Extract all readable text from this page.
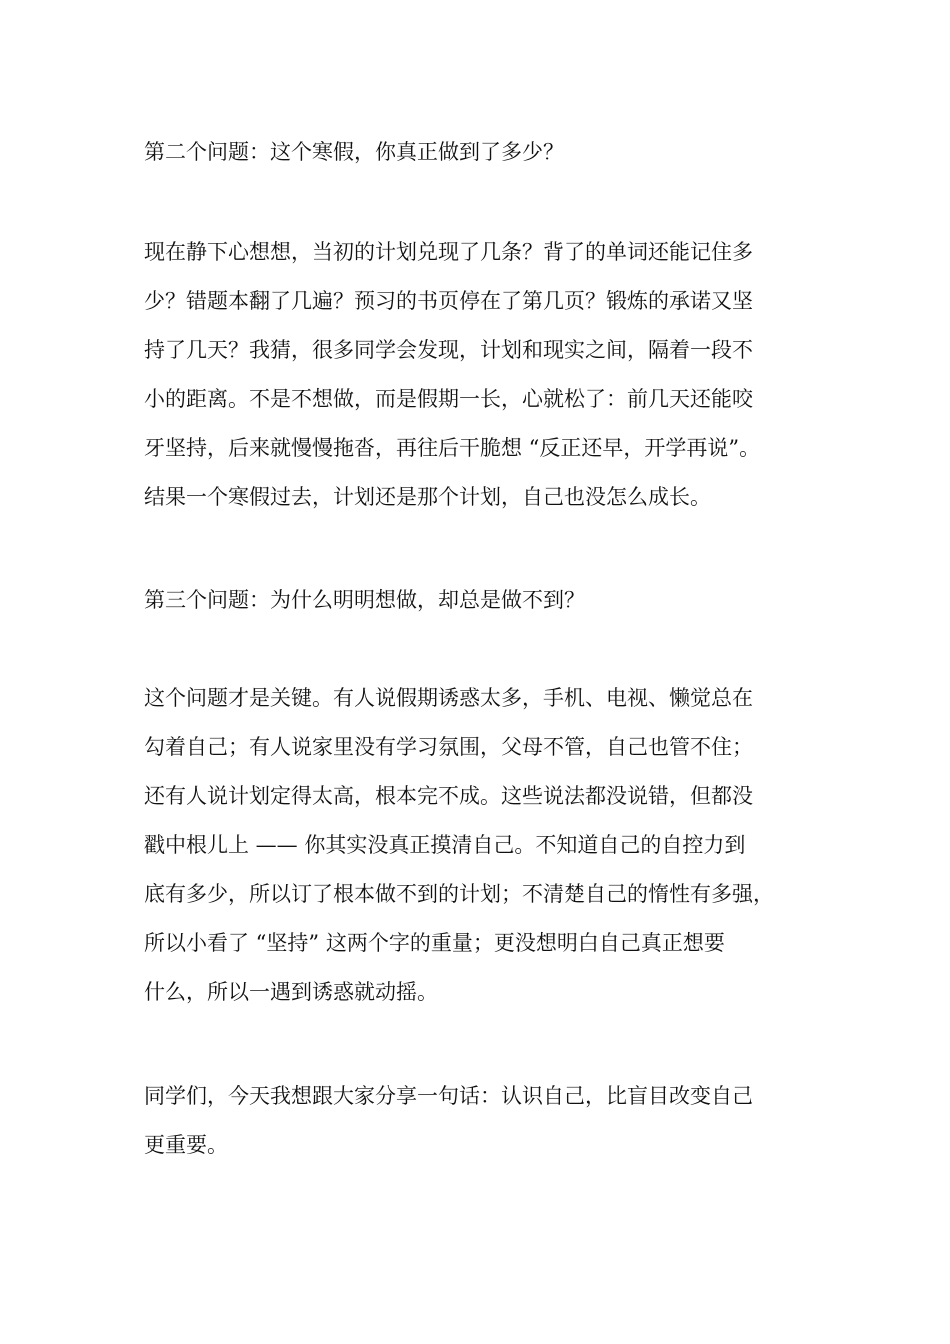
第二个问题：这个寒假，你真正做到了多少？
现在静下心想想，当初的计划兑现了几条？背了的单词还能记住多
少？错题本翻了几遍？预习的书页停在了第几页？锻炼的承诺又坚
持了几天？我猜，很多同学会发现，计划和现实之间，隔着一段不
小的距离。不是不想做，而是假期一长，心就松了：前几天还能咬
牙坚持，后来就慢慢拖沓，再往后干脆想 “反正还早，开学再说”。
结果一个寒假过去，计划还是那个计划，自己也没怎么成长。
第三个问题：为什么明明想做，却总是做不到？
这个问题才是关键。有人说假期诱惑太多，手机、电视、懒觉总在
勾着自己；有人说家里没有学习氛围，父母不管，自己也管不住；
还有人说计划定得太高，根本完不成。这些说法都没说错，但都没
戳中根儿上 —— 你其实没真正摸清自己。不知道自己的自控力到
底有多少，所以订了根本做不到的计划；不清楚自己的惰性有多强，
所以小看了 “坚持” 这两个字的重量；更没想明白自己真正想要
什么，所以一遇到诱惑就动摇。
同学们，今天我想跟大家分享一句话：认识自己，比盲目改变自己
更重要。
